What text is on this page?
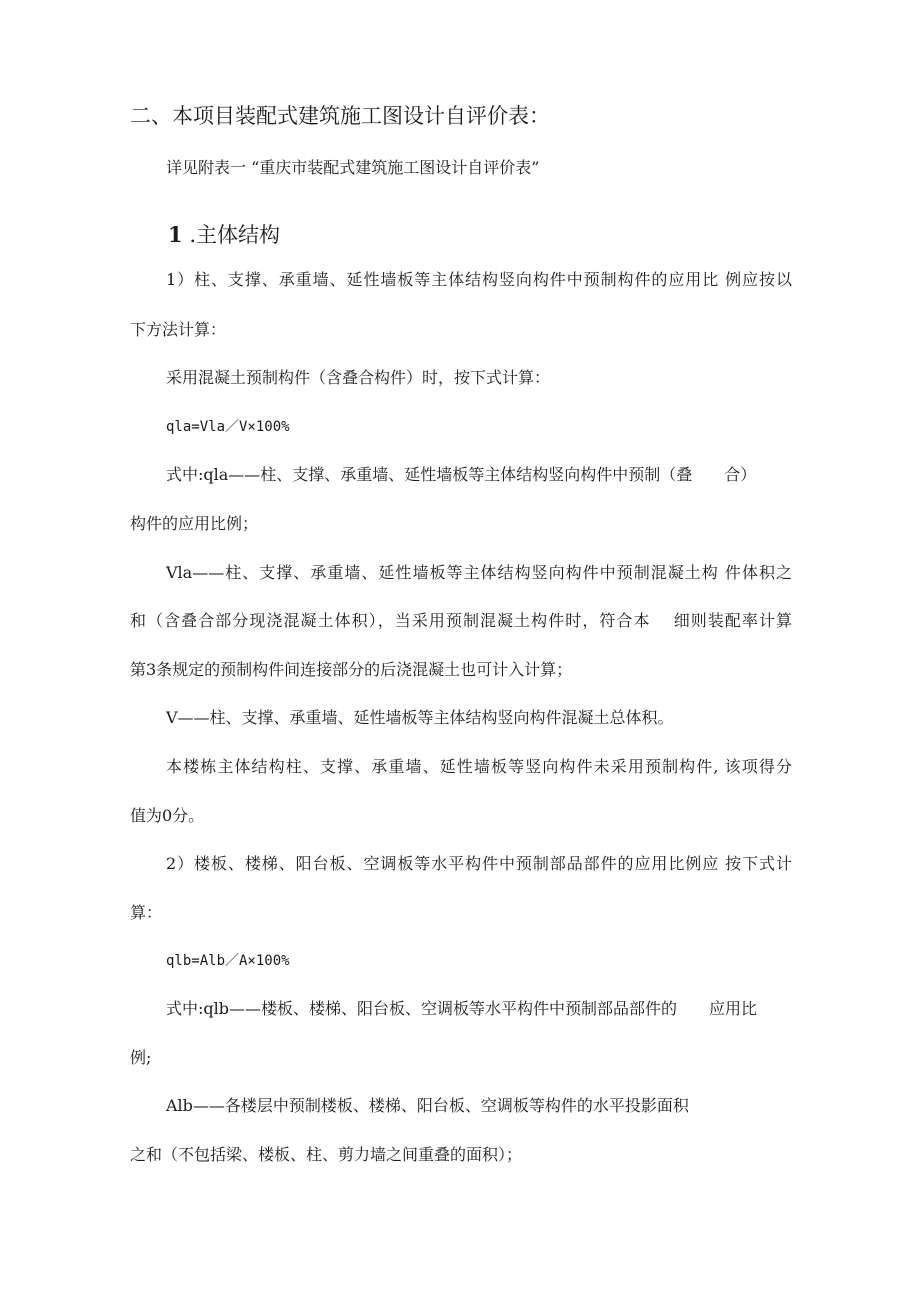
二、本项目装配式建筑施工图设计自评价表：
详见附表一 “重庆市装配式建筑施工图设计自评价表”
1 .主体结构
1）柱、支撑、承重墙、延性墙板等主体结构竖向构件中预制构件的应用比 例应按以
下方法计算：
采用混凝土预制构件（含叠合构件）时，按下式计算：
qla=Vla／V×100%
式中:qla——柱、支撑、承重墙、延性墙板等主体结构竖向构件中预制（叠　　合）
构件的应用比例；
Vla——柱、支撑、承重墙、延性墙板等主体结构竖向构件中预制混凝土构 件体积之
和（含叠合部分现浇混凝土体积），当采用预制混凝土构件时，符合本　 细则装配率计算
第3条规定的预制构件间连接部分的后浇混凝土也可计入计算；
V——柱、支撑、承重墙、延性墙板等主体结构竖向构件混凝土总体积。
本楼栋主体结构柱、支撑、承重墙、延性墙板等竖向构件未采用预制构件, 该项得分
值为0分。
2）楼板、楼梯、阳台板、空调板等水平构件中预制部品部件的应用比例应 按下式计
算：
qlb=Alb／A×100%
式中:qlb——楼板、楼梯、阳台板、空调板等水平构件中预制部品部件的　　应用比
例;
Alb——各楼层中预制楼板、楼梯、阳台板、空调板等构件的水平投影面积
之和（不包括梁、楼板、柱、剪力墙之间重叠的面积）；
